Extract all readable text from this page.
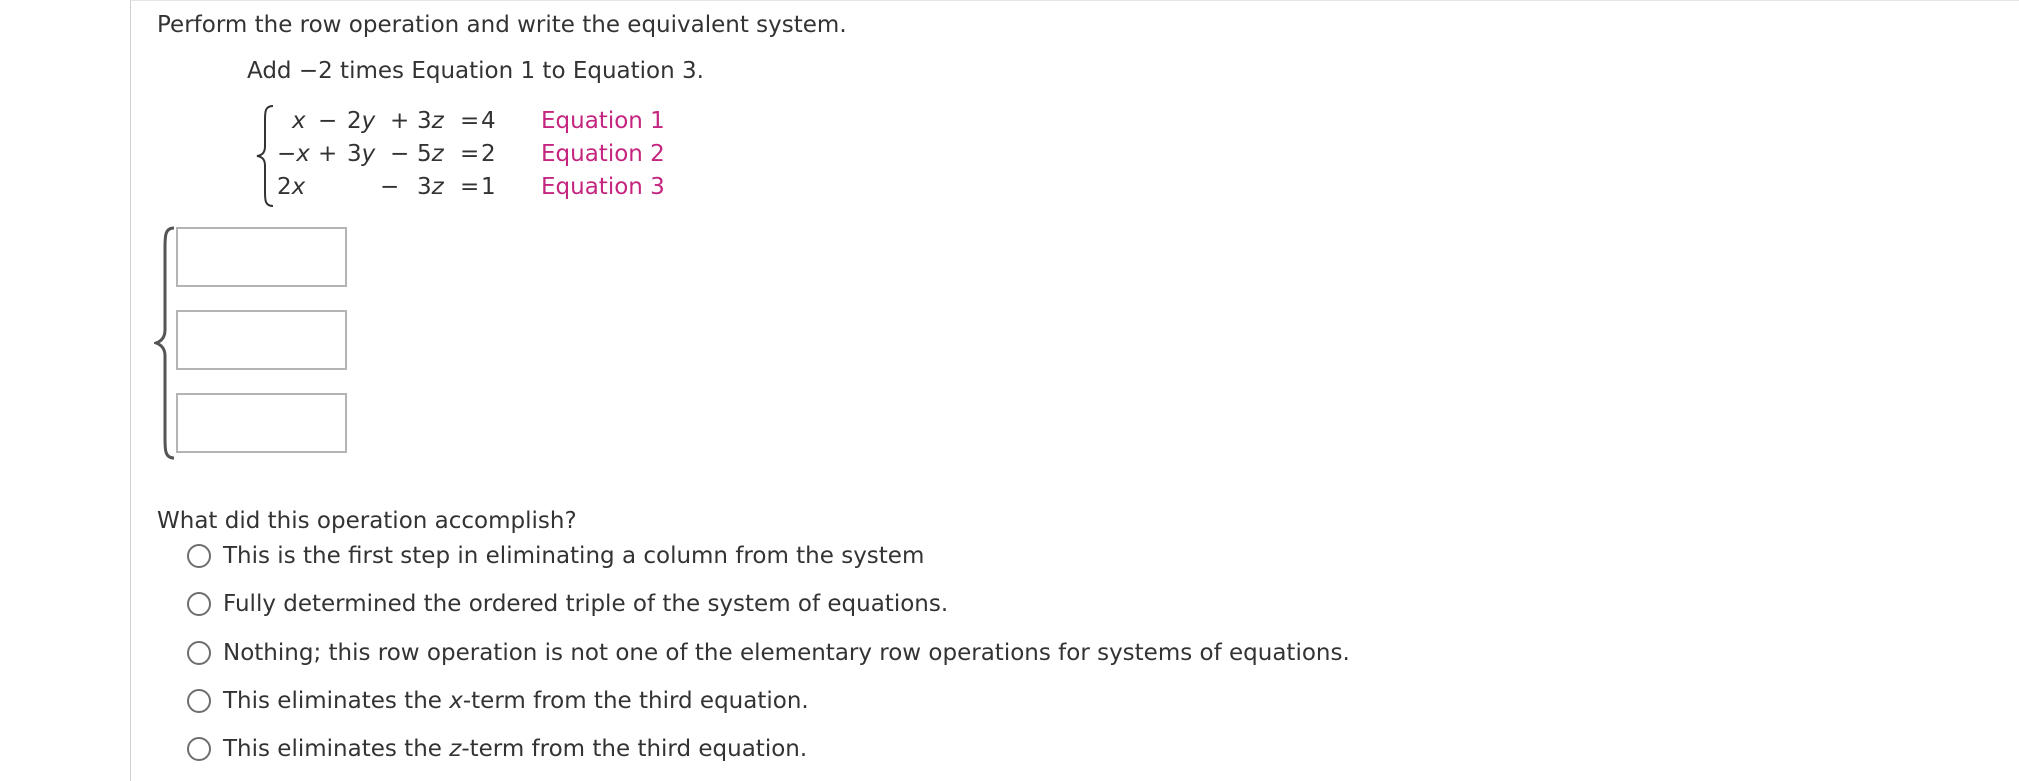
Perform the row operation and write the equivalent system.
Add −2 times Equation 1 to Equation 3.
x − 2y + 3z = 4 Equation 1
−x + 3y − 5z = 2 Equation 2
2x	− 3z = 1 Equation 3
What did this operation accomplish?
This is the first step in eliminating a column from the system
Fully determined the ordered triple of the system of equations.
Nothing; this row operation is not one of the elementary row operations for systems of equations.
This eliminates the x-term from the third equation.
This eliminates the z-term from the third equation.
